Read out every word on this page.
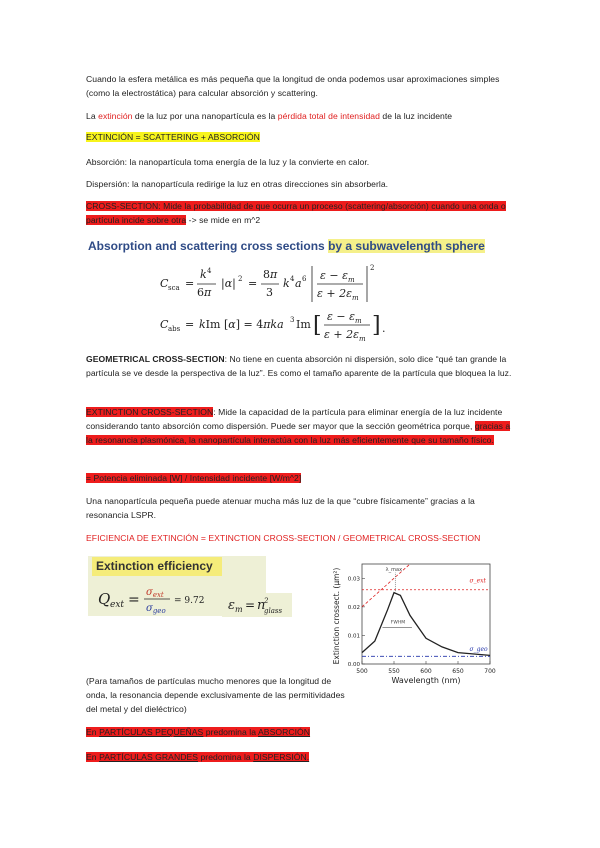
Cuando la esfera metálica es más pequeña que la longitud de onda podemos usar aproximaciones simples (como la electrostática) para calcular absorción y scattering.
La extinción de la luz por una nanopartícula es la pérdida total de intensidad de la luz incidente
EXTINCIÓN = SCATTERING + ABSORCIÓN
Absorción: la nanopartícula toma energía de la luz y la convierte en calor.
Dispersión: la nanopartícula redirige la luz en otras direcciones sin absorberla.
CROSS-SECTION: Mide la probabilidad de que ocurra un proceso (scattering/absorción) cuando una onda o partícula incide sobre otra -> se mide en m^2
Absorption and scattering cross sections by a subwavelength sphere
C sca =
k 4
6π
|α| 2 =
8π
3
k 4 a 6 $\varepsilon - \varepsilon_m$
$\varepsilon + 2\varepsilon_m$
2
C abs = kIm [α] = 4πka 3 Im [ $\varepsilon - \varepsilon_m$
$\varepsilon + 2\varepsilon_m$
] .
GEOMETRICAL CROSS-SECTION: No tiene en cuenta absorción ni dispersión, solo dice “qué tan grande la partícula se ve desde la perspectiva de la luz”. Es como el tamaño aparente de la partícula que bloquea la luz.
EXTINCTION CROSS-SECTION: Mide la capacidad de la partícula para eliminar energía de la luz incidente considerando tanto absorción como dispersión. Puede ser mayor que la sección geométrica porque, gracias a la resonancia plasmónica, la nanopartícula interactúa con la luz más eficientemente que su tamaño físico.
= Potencia eliminada [W] / Intensidad incidente [W/m^2]
Una nanopartícula pequeña puede atenuar mucha más luz de la que “cubre físicamente” gracias a la resonancia LSPR.
EFICIENCIA DE EXTINCIÓN = EXTINCTION CROSS-SECTION / GEOMETRICAL CROSS-SECTION
Extinction efficiency
Q ext = $\sigma_{ext}$
$\sigma_{geo}$
= 9.72 ε m = n
2
glass
500	550	600	650	700
0.00
0.01
0.02
0.03
λ_max
σ_ext
FWHM
σ_geo
Wavelength (nm)
Extinction crossect. (μm²)
(Para tamaños de partículas mucho menores que la longitud de onda, la resonancia depende exclusivamente de las permitividades del metal y del dieléctrico)
En PARTÍCULAS PEQUEÑAS predomina la ABSORCIÓN
En PARTÍCULAS GRANDES predomina la DISPERSIÓN.
